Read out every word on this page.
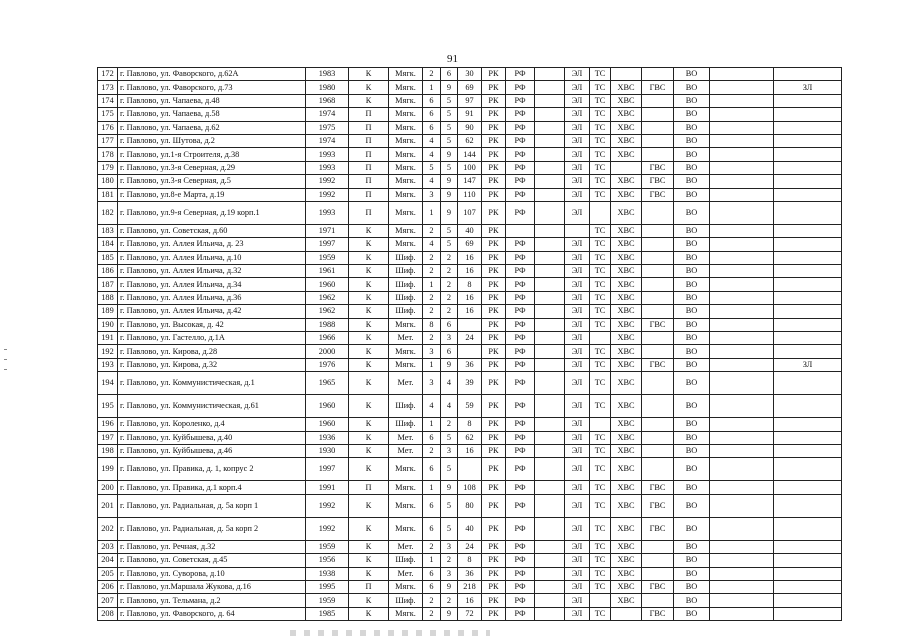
91
172	г. Павлово, ул. Фаворского, д.62А	1983	К	Мягк.	2	6	30	РК	РФ		ЭЛ	ТС			ВО		
173	г. Павлово, ул. Фаворского, д.73	1980	К	Мягк.	1	9	69	РК	РФ		ЭЛ	ТС	ХВС	ГВС	ВО		ЗЛ
174	г. Павлово, ул. Чапаева, д.48	1968	К	Мягк.	6	5	97	РК	РФ		ЭЛ	ТС	ХВС		ВО		
175	г. Павлово, ул. Чапаева, д.58	1974	П	Мягк.	6	5	91	РК	РФ		ЭЛ	ТС	ХВС		ВО		
176	г. Павлово, ул. Чапаева, д.62	1975	П	Мягк.	6	5	90	РК	РФ		ЭЛ	ТС	ХВС		ВО		
177	г. Павлово, ул. Шутова, д.2	1974	П	Мягк.	4	5	62	РК	РФ		ЭЛ	ТС	ХВС		ВО		
178	г. Павлово, ул.1-я Строителя, д.38	1993	П	Мягк.	4	9	144	РК	РФ		ЭЛ	ТС	ХВС		ВО		
179	г. Павлово, ул.3-я Северная, д.29	1993	П	Мягк.	5	5	100	РК	РФ		ЭЛ	ТС		ГВС	ВО		
180	г. Павлово, ул.3-я Северная, д.5	1992	П	Мягк.	4	9	147	РК	РФ		ЭЛ	ТС	ХВС	ГВС	ВО		
181	г. Павлово, ул.8-е Марта, д.19	1992	П	Мягк.	3	9	110	РК	РФ		ЭЛ	ТС	ХВС	ГВС	ВО		
182	г. Павлово, ул.9-я Северная, д.19 корп.1	1993	П	Мягк.	1	9	107	РК	РФ		ЭЛ		ХВС		ВО		
183	г. Павлово, ул. Советская, д.60	1971	К	Мягк.	2	5	40	РК				ТС	ХВС		ВО		
184	г. Павлово, ул. Аллея Ильича, д. 23	1997	К	Мягк.	4	5	69	РК	РФ		ЭЛ	ТС	ХВС		ВО		
185	г. Павлово, ул. Аллея Ильича, д.10	1959	К	Шиф.	2	2	16	РК	РФ		ЭЛ	ТС	ХВС		ВО		
186	г. Павлово, ул. Аллея Ильича, д.32	1961	К	Шиф.	2	2	16	РК	РФ		ЭЛ	ТС	ХВС		ВО		
187	г. Павлово, ул. Аллея Ильича, д.34	1960	К	Шиф.	1	2	8	РК	РФ		ЭЛ	ТС	ХВС		ВО		
188	г. Павлово, ул. Аллея Ильича, д.36	1962	К	Шиф.	2	2	16	РК	РФ		ЭЛ	ТС	ХВС		ВО		
189	г. Павлово, ул. Аллея Ильича, д.42	1962	К	Шиф.	2	2	16	РК	РФ		ЭЛ	ТС	ХВС		ВО		
190	г. Павлово, ул. Высокая, д. 42	1988	К	Мягк.	8	6		РК	РФ		ЭЛ	ТС	ХВС	ГВС	ВО		
191	г. Павлово, ул. Гастелло, д.1А	1966	К	Мет.	2	3	24	РК	РФ		ЭЛ		ХВС		ВО		
192	г. Павлово, ул. Кирова, д.28	2000	К	Мягк.	3	6		РК	РФ		ЭЛ	ТС	ХВС		ВО		
193	г. Павлово, ул. Кирова, д.32	1976	К	Мягк.	1	9	36	РК	РФ		ЭЛ	ТС	ХВС	ГВС	ВО		ЗЛ
194	г. Павлово, ул. Коммунистическая, д.1	1965	К	Мет.	3	4	39	РК	РФ		ЭЛ	ТС	ХВС		ВО		
195	г. Павлово, ул. Коммунистическая, д.61	1960	К	Шиф.	4	4	59	РК	РФ		ЭЛ	ТС	ХВС		ВО		
196	г. Павлово, ул. Короленко, д.4	1960	К	Шиф.	1	2	8	РК	РФ		ЭЛ		ХВС		ВО		
197	г. Павлово, ул. Куйбышева, д.40	1936	К	Мет.	6	5	62	РК	РФ		ЭЛ	ТС	ХВС		ВО		
198	г. Павлово, ул. Куйбышева, д.46	1930	К	Мет.	2	3	16	РК	РФ		ЭЛ	ТС	ХВС		ВО		
199	г. Павлово, ул. Правика, д. 1, копрус 2	1997	К	Мягк.	6	5		РК	РФ		ЭЛ	ТС	ХВС		ВО		
200	г. Павлово, ул. Правика, д.1 корп.4	1991	П	Мягк.	1	9	108	РК	РФ		ЭЛ	ТС	ХВС	ГВС	ВО		
201	г. Павлово, ул. Радиальная, д. 5а корп 1	1992	К	Мягк.	6	5	80	РК	РФ		ЭЛ	ТС	ХВС	ГВС	ВО		
202	г. Павлово, ул. Радиальная, д. 5а корп 2	1992	К	Мягк.	6	5	40	РК	РФ		ЭЛ	ТС	ХВС	ГВС	ВО		
203	г. Павлово, ул. Речная, д.32	1959	К	Мет.	2	3	24	РК	РФ		ЭЛ	ТС	ХВС		ВО		
204	г. Павлово, ул. Советская, д.45	1956	К	Шиф.	1	2	8	РК	РФ		ЭЛ	ТС	ХВС		ВО		
205	г. Павлово, ул. Суворова, д.10	1938	К	Мет.	6	3	36	РК	РФ		ЭЛ	ТС	ХВС		ВО		
206	г. Павлово, ул.Маршала Жукова, д.16	1995	П	Мягк.	6	9	218	РК	РФ		ЭЛ	ТС	ХВС	ГВС	ВО		
207	г. Павлово, ул. Тельмана, д.2	1959	К	Шиф.	2	2	16	РК	РФ		ЭЛ		ХВС		ВО		
208	г. Павлово, ул. Фаворского, д. 64	1985	К	Мягк.	2	9	72	РК	РФ		ЭЛ	ТС		ГВС	ВО		
